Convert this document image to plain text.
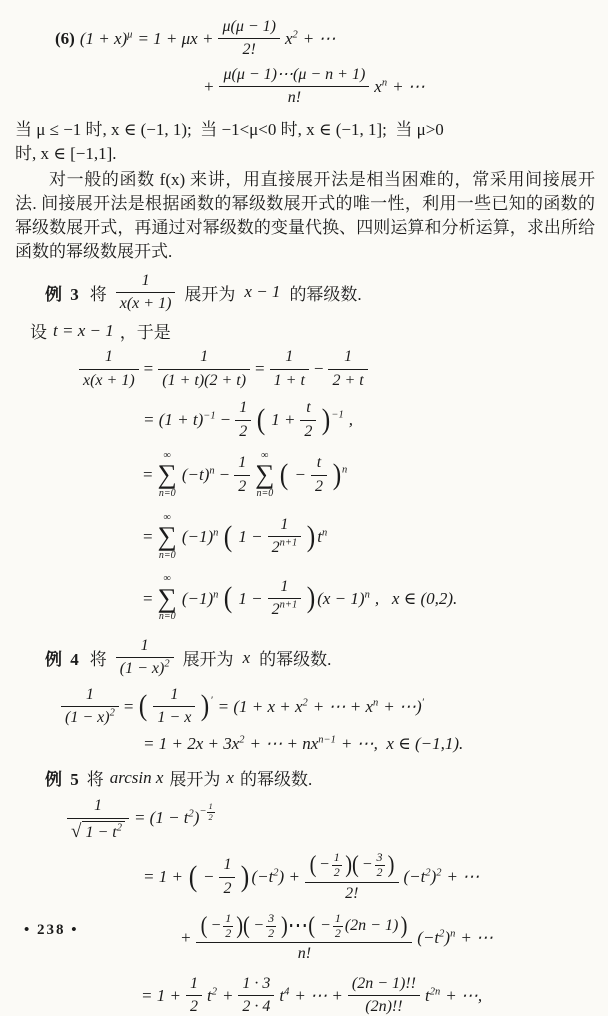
(6) $(1 + x)^\mu = 1 + \mu x + \frac{\mu(\mu - 1)}{2!} x^2$ + ⋯
+ $\frac{\mu(\mu - 1)\cdots(\mu - n + 1)}{n!} x^n$ + ⋯
当 μ ≤ −1 时, x ∈ (−1, 1);  当 −1<μ<0 时, x ∈ (−1, 1];  当 μ>0
时, x ∈ [−1,1].
对一般的函数 f(x) 来讲，用直接展开法是相当困难的，常采用间接展开法. 间接展开法是根据函数的幂级数展开式的唯一性，利用一些已知的函数的幂级数展开式，再通过对幂级数的变量代换、四则运算和分析运算，求出所给函数的幂级数展开式.
例 3 将 $\frac{1}{x(x + 1)}$ 展开为 x − 1 的幂级数.
设 t = x − 1 ，于是
$\frac{1}{x(x + 1)} = \frac{1}{(1 + t)(2 + t)} = \frac{1}{1 + t} - \frac{1}{2 + t}$
= $(1 + t)^{-1} - \frac{1}{2}$ ( $1 + \frac{t}{2} )^{-1}$ ,
=
∞
∑
n=0
$(-t)^n - \frac{1}{2}$ ∞
∑
n=0
( − $\frac{t}{2} )^n$
=
∞
∑
n=0
$(-1)^n$ ( $1 - \frac{1}{2^{n+1}}$ ) $t^n$
=
∞
∑
n=0
$(-1)^n$ ( $1 - \frac{1}{2^{n+1}}$ ) $(x - 1)^n$ ,   x ∈ (0,2).
例 4 将 $\frac{1}{(1 - x)^2}$ 展开为 x 的幂级数.
$\frac{1}{(1 - x)^2}$ = ( $\frac{1}{1 - x} )' = (1 + x + x^2$ + ⋯ + $x^n$ + ⋯)′
= $1 + 2x + 3x^2$ + ⋯ + $nx^{n-1}$ + ⋯,  x ∈ (−1,1).
例 5 将 arcsin x 展开为 x 的幂级数.
$\frac{1}{√ 1 - t^2} = (1 - t^2) - \frac{1}{2}$
= 1 + ( − $\frac{1}{2}$ ) $(-t^2) + \frac{( - \frac{1}{2} )( - \frac{3}{2} )}{2!} (-t^2)^2$ + ⋯
+ $\frac{( - \frac{1}{2} )( - \frac{3}{2} )\cdots( - \frac{1}{2} (2n - 1) )}{n!} (-t^2)^n$ + ⋯
= $1 + \frac{1}{2} t^2 + \frac{1 \cdot 3}{2 \cdot 4} t^4$ + ⋯ + $\frac{(2n - 1)!!}{(2n)!!} t^{2n}$ + ⋯,
• 238 •
